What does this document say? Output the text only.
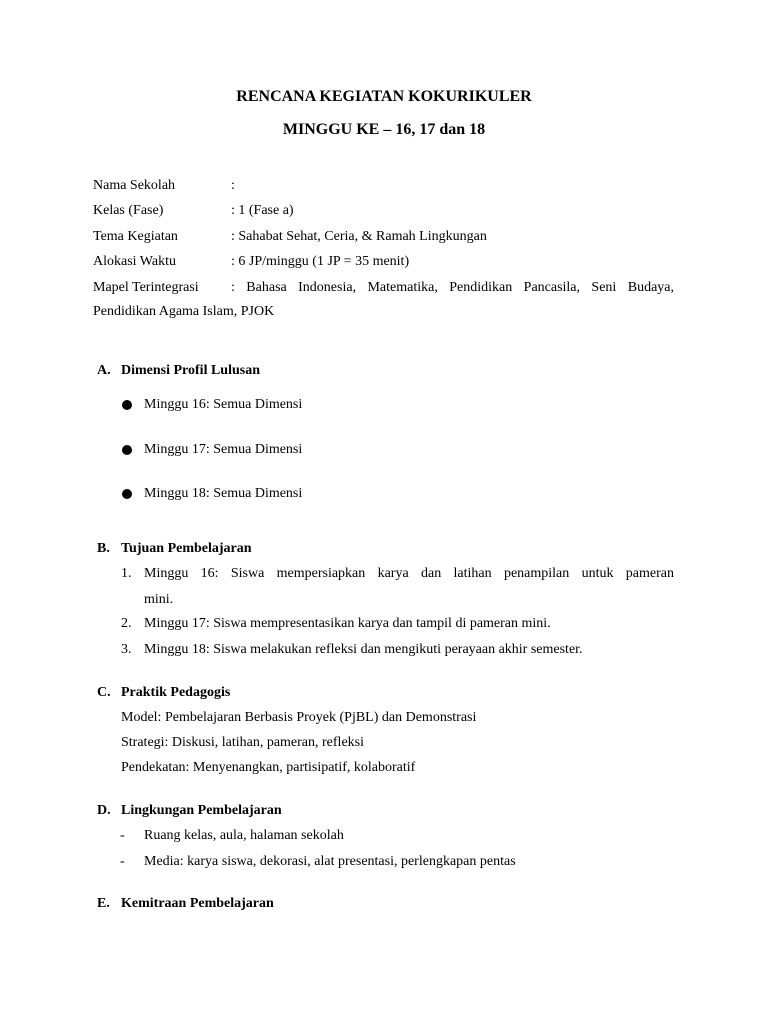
RENCANA KEGIATAN KOKURIKULER
MINGGU KE – 16, 17 dan 18
Nama Sekolah	:
Kelas (Fase)	: 1 (Fase a)
Tema Kegiatan	: Sahabat Sehat, Ceria, & Ramah Lingkungan
Alokasi Waktu	: 6 JP/minggu (1 JP = 35 menit)
Mapel Terintegrasi : Bahasa Indonesia, Matematika, Pendidikan Pancasila, Seni Budaya,
Pendidikan Agama Islam, PJOK
A. Dimensi Profil Lulusan
Minggu 16: Semua Dimensi
Minggu 17: Semua Dimensi
Minggu 18: Semua Dimensi
B. Tujuan Pembelajaran
1. Minggu 16: Siswa mempersiapkan karya dan latihan penampilan untuk pameran
mini.
2. Minggu 17: Siswa mempresentasikan karya dan tampil di pameran mini.
3. Minggu 18: Siswa melakukan refleksi dan mengikuti perayaan akhir semester.
C. Praktik Pedagogis
Model: Pembelajaran Berbasis Proyek (PjBL) dan Demonstrasi
Strategi: Diskusi, latihan, pameran, refleksi
Pendekatan: Menyenangkan, partisipatif, kolaboratif
D. Lingkungan Pembelajaran
- Ruang kelas, aula, halaman sekolah
- Media: karya siswa, dekorasi, alat presentasi, perlengkapan pentas
E. Kemitraan Pembelajaran
